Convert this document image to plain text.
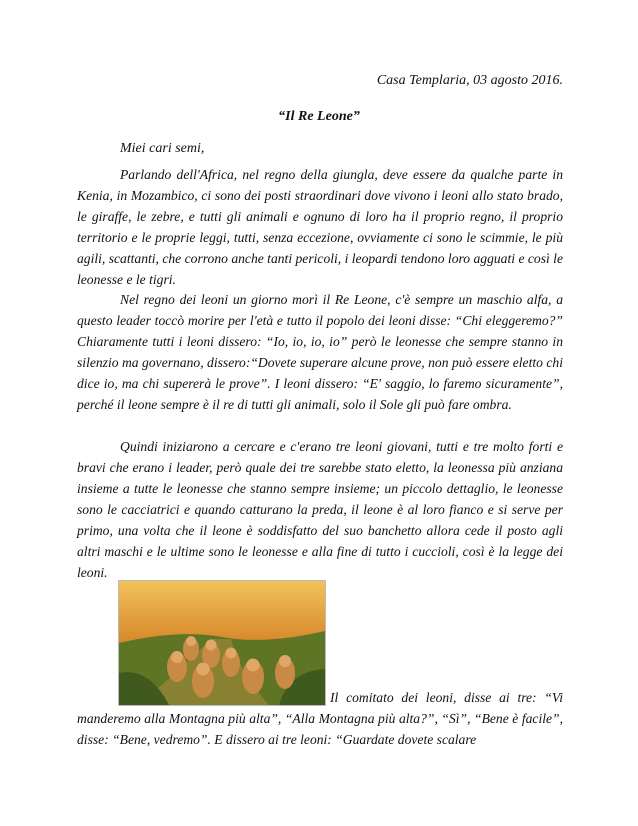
Casa Templaria, 03 agosto 2016.
“Il Re Leone”
Miei cari semi,

Parlando dell'Africa, nel regno della giungla, deve essere da qualche parte in Kenia, in Mozambico, ci sono dei posti straordinari dove vivono i leoni allo stato brado, le giraffe, le zebre, e tutti gli animali e ognuno di loro ha il proprio regno, il proprio territorio e le proprie leggi, tutti, senza eccezione, ovviamente ci sono le scimmie, le più agili, scattanti, che corrono anche tanti pericoli, i leopardi tendono loro agguati e così le leonesse e le tigri.

Nel regno dei leoni un giorno morì il Re Leone, c'è sempre un maschio alfa, a questo leader toccò morire per l'età e tutto il popolo dei leoni disse: “Chi eleggeremo?” Chiaramente tutti i leoni dissero: “Io, io, io, io” però le leonesse che sempre stanno in silenzio ma governano, dissero:“Dovete superare alcune prove, non può essere eletto chi dice io, ma chi supererà le prove”. I leoni dissero: “E' saggio, lo faremo sicuramente”, perché il leone sempre è il re di tutti gli animali, solo il Sole gli può fare ombra.

Quindi iniziarono a cercare e c'erano tre leoni giovani, tutti e tre molto forti e bravi che erano i leader, però quale dei tre sarebbe stato eletto, la leonessa più anziana insieme a tutte le leonesse che stanno sempre insieme; un piccolo dettaglio, le leonesse sono le cacciatrici e quando catturano la preda, il leone è al loro fianco e si serve per primo, una volta che il leone è soddisfatto del suo banchetto allora cede il posto agli altri maschi e le ultime sono le leonesse e alla fine di tutto i cuccioli, così è la legge dei leoni.

Il comitato dei leoni, disse ai tre: “Vi

manderemo alla Montagna più alta”, “Alla Montagna più alta?”, “Sì”, “Bene è facile”, disse: “Bene, vedremo”. E dissero ai tre leoni: “Guardate dovete scalare
